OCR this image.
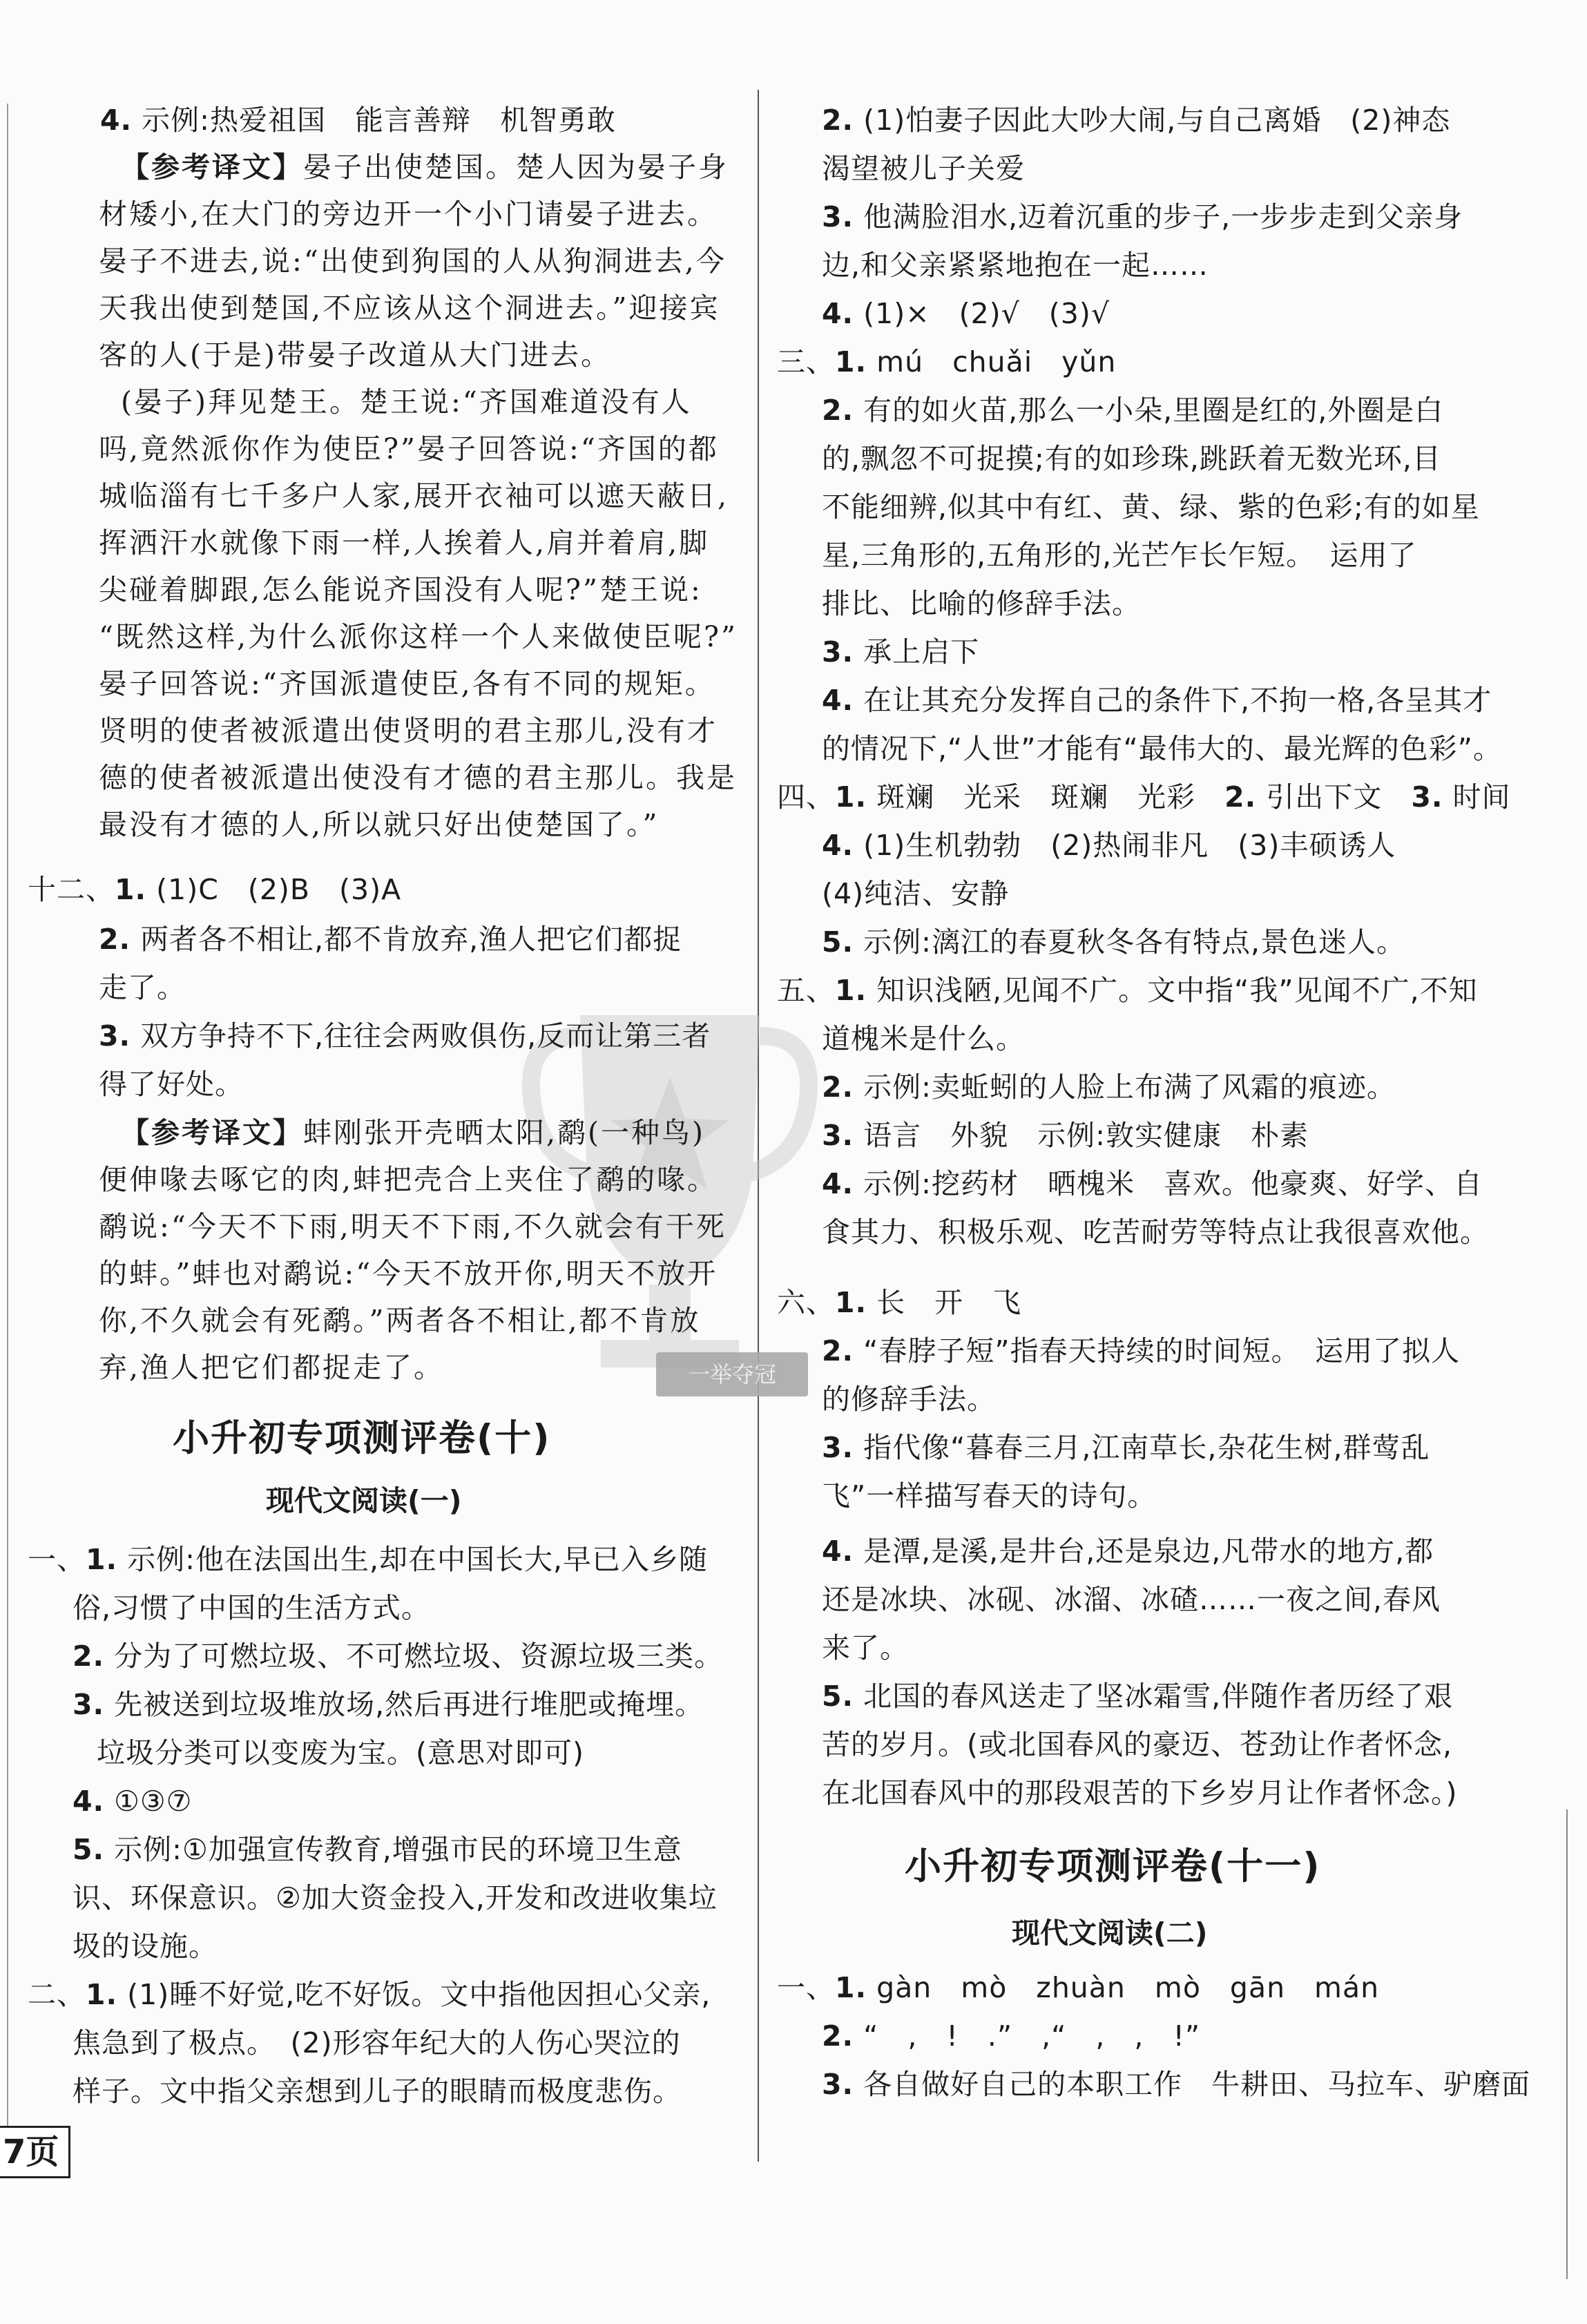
一举夺冠
4. 示例:热爱祖国　能言善辩　机智勇敢
【参考译文】晏子出使楚国。楚人因为晏子身
材矮小,在大门的旁边开一个小门请晏子进去。
晏子不进去,说:“出使到狗国的人从狗洞进去,今
天我出使到楚国,不应该从这个洞进去。”迎接宾
客的人(于是)带晏子改道从大门进去。
(晏子)拜见楚王。楚王说:“齐国难道没有人
吗,竟然派你作为使臣?”晏子回答说:“齐国的都
城临淄有七千多户人家,展开衣袖可以遮天蔽日,
挥洒汗水就像下雨一样,人挨着人,肩并着肩,脚
尖碰着脚跟,怎么能说齐国没有人呢?”楚王说:
“既然这样,为什么派你这样一个人来做使臣呢?”
晏子回答说:“齐国派遣使臣,各有不同的规矩。
贤明的使者被派遣出使贤明的君主那儿,没有才
德的使者被派遣出使没有才德的君主那儿。我是
最没有才德的人,所以就只好出使楚国了。”
十二、1. (1)C　(2)B　(3)A
2. 两者各不相让,都不肯放弃,渔人把它们都捉
走了。
3. 双方争持不下,往往会两败俱伤,反而让第三者
得了好处。
【参考译文】蚌刚张开壳晒太阳,鹬(一种鸟)
便伸喙去啄它的肉,蚌把壳合上夹住了鹬的喙。
鹬说:“今天不下雨,明天不下雨,不久就会有干死
的蚌。”蚌也对鹬说:“今天不放开你,明天不放开
你,不久就会有死鹬。”两者各不相让,都不肯放
弃,渔人把它们都捉走了。
小升初专项测评卷(十)
现代文阅读(一)
一、1. 示例:他在法国出生,却在中国长大,早已入乡随
俗,习惯了中国的生活方式。
2. 分为了可燃垃圾、不可燃垃圾、资源垃圾三类。
3. 先被送到垃圾堆放场,然后再进行堆肥或掩埋。
垃圾分类可以变废为宝。(意思对即可)
4. ①③⑦
5. 示例:①加强宣传教育,增强市民的环境卫生意
识、环保意识。②加大资金投入,开发和改进收集垃
圾的设施。
二、1. (1)睡不好觉,吃不好饭。文中指他因担心父亲,
焦急到了极点。　(2)形容年纪大的人伤心哭泣的
样子。文中指父亲想到儿子的眼睛而极度悲伤。
2. (1)怕妻子因此大吵大闹,与自己离婚　(2)神态
渴望被儿子关爱
3. 他满脸泪水,迈着沉重的步子,一步步走到父亲身
边,和父亲紧紧地抱在一起……
4. (1)×　(2)√　(3)√
三、1. mú　chuǎi　yǔn
2. 有的如火苗,那么一小朵,里圈是红的,外圈是白
的,飘忽不可捉摸;有的如珍珠,跳跃着无数光环,目
不能细辨,似其中有红、黄、绿、紫的色彩;有的如星
星,三角形的,五角形的,光芒乍长乍短。　运用了
排比、比喻的修辞手法。
3. 承上启下
4. 在让其充分发挥自己的条件下,不拘一格,各呈其才
的情况下,“人世”才能有“最伟大的、最光辉的色彩”。
四、1. 斑斓　光采　斑斓　光彩　2. 引出下文　3. 时间
4. (1)生机勃勃　(2)热闹非凡　(3)丰硕诱人
(4)纯洁、安静
5. 示例:漓江的春夏秋冬各有特点,景色迷人。
五、1. 知识浅陋,见闻不广。文中指“我”见闻不广,不知
道槐米是什么。
2. 示例:卖蚯蚓的人脸上布满了风霜的痕迹。
3. 语言　外貌　示例:敦实健康　朴素
4. 示例:挖药材　晒槐米　喜欢。他豪爽、好学、自
食其力、积极乐观、吃苦耐劳等特点让我很喜欢他。
六、1. 长　开　飞
2. “春脖子短”指春天持续的时间短。　运用了拟人
的修辞手法。
3. 指代像“暮春三月,江南草长,杂花生树,群莺乱
飞”一样描写春天的诗句。
4. 是潭,是溪,是井台,还是泉边,凡带水的地方,都
还是冰块、冰砚、冰溜、冰碴……一夜之间,春风
来了。
5. 北国的春风送走了坚冰霜雪,伴随作者历经了艰
苦的岁月。(或北国春风的豪迈、苍劲让作者怀念,
在北国春风中的那段艰苦的下乡岁月让作者怀念。)
小升初专项测评卷(十一)
现代文阅读(二)
一、1. gàn　mò　zhuàn　mò　gān　mán
2. “　,　!　.”　,“　,　,　!”
3. 各自做好自己的本职工作　牛耕田、马拉车、驴磨面
7页
